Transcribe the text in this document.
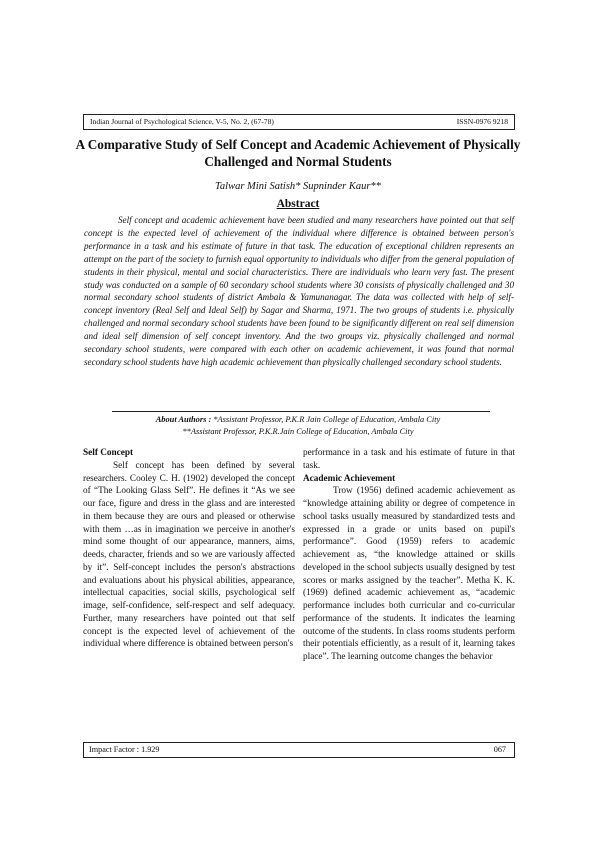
Indian Journal of Psychological Science, V-5, No. 2, (67-78)	ISSN-0976 9218
A Comparative Study of Self Concept and Academic Achievement of Physically Challenged and Normal Students
Talwar Mini Satish* Supninder Kaur**
Abstract

Self concept and academic achievement have been studied and many researchers have pointed out that self concept is the expected level of achievement of the individual where difference is obtained between person's performance in a task and his estimate of future in that task. The education of exceptional children represents an attempt on the part of the society to furnish equal opportunity to individuals who differ from the general population of students in their physical, mental and social characteristics. There are individuals who learn very fast. The present study was conducted on a sample of 60 secondary school students where 30 consists of physically challenged and 30 normal secondary school students of district Ambala & Yamunanagar. The data was collected with help of self-concept inventory (Real Self and Ideal Self) by Sagar and Sharma, 1971. The two groups of students i.e. physically challenged and normal secondary school students have been found to be significantly different on real self dimension and ideal self dimension of self concept inventory. And the two groups viz. physically challenged and normal secondary school students, were compared with each other on academic achievement, it was found that normal secondary school students have high academic achievement than physically challenged secondary school students.

About Authors : *Assistant Professor, P.K.R Jain College of Education, Ambala City
**Assistant Professor, P.K.R.Jain College of Education, Ambala City

Self Concept

Self concept has been defined by several researchers. Cooley C. H. (1902) developed the concept of “The Looking Glass Self”. He defines it “As we see our face, figure and dress in the glass and are interested in them because they are ours and pleased or otherwise with them …as in imagination we perceive in another's mind some thought of our appearance, manners, aims, deeds, character, friends and so we are variously affected by it”. Self-concept includes the person's abstractions and evaluations about his physical abilities, appearance, intellectual capacities, social skills, psychological self image, self-confidence, self-respect and self adequacy. Further, many researchers have pointed out that self concept is the expected level of achievement of the individual where difference is obtained between person's

performance in a task and his estimate of future in that task.

Academic Achievement

Trow (1956) defined academic achievement as “knowledge attaining ability or degree of competence in school tasks usually measured by standardized tests and expressed in a grade or units based on pupil's performance”. Good (1959) refers to academic achievement as, “the knowledge attained or skills developed in the school subjects usually designed by test scores or marks assigned by the teacher”. Metha K. K. (1969) defined academic achievement as, “academic performance includes both curricular and co-curricular performance of the students. It indicates the learning outcome of the students. In class rooms students perform their potentials efficiently, as a result of it, learning takes place”. The learning outcome changes the behavior

Impact Factor : 1.929	067
